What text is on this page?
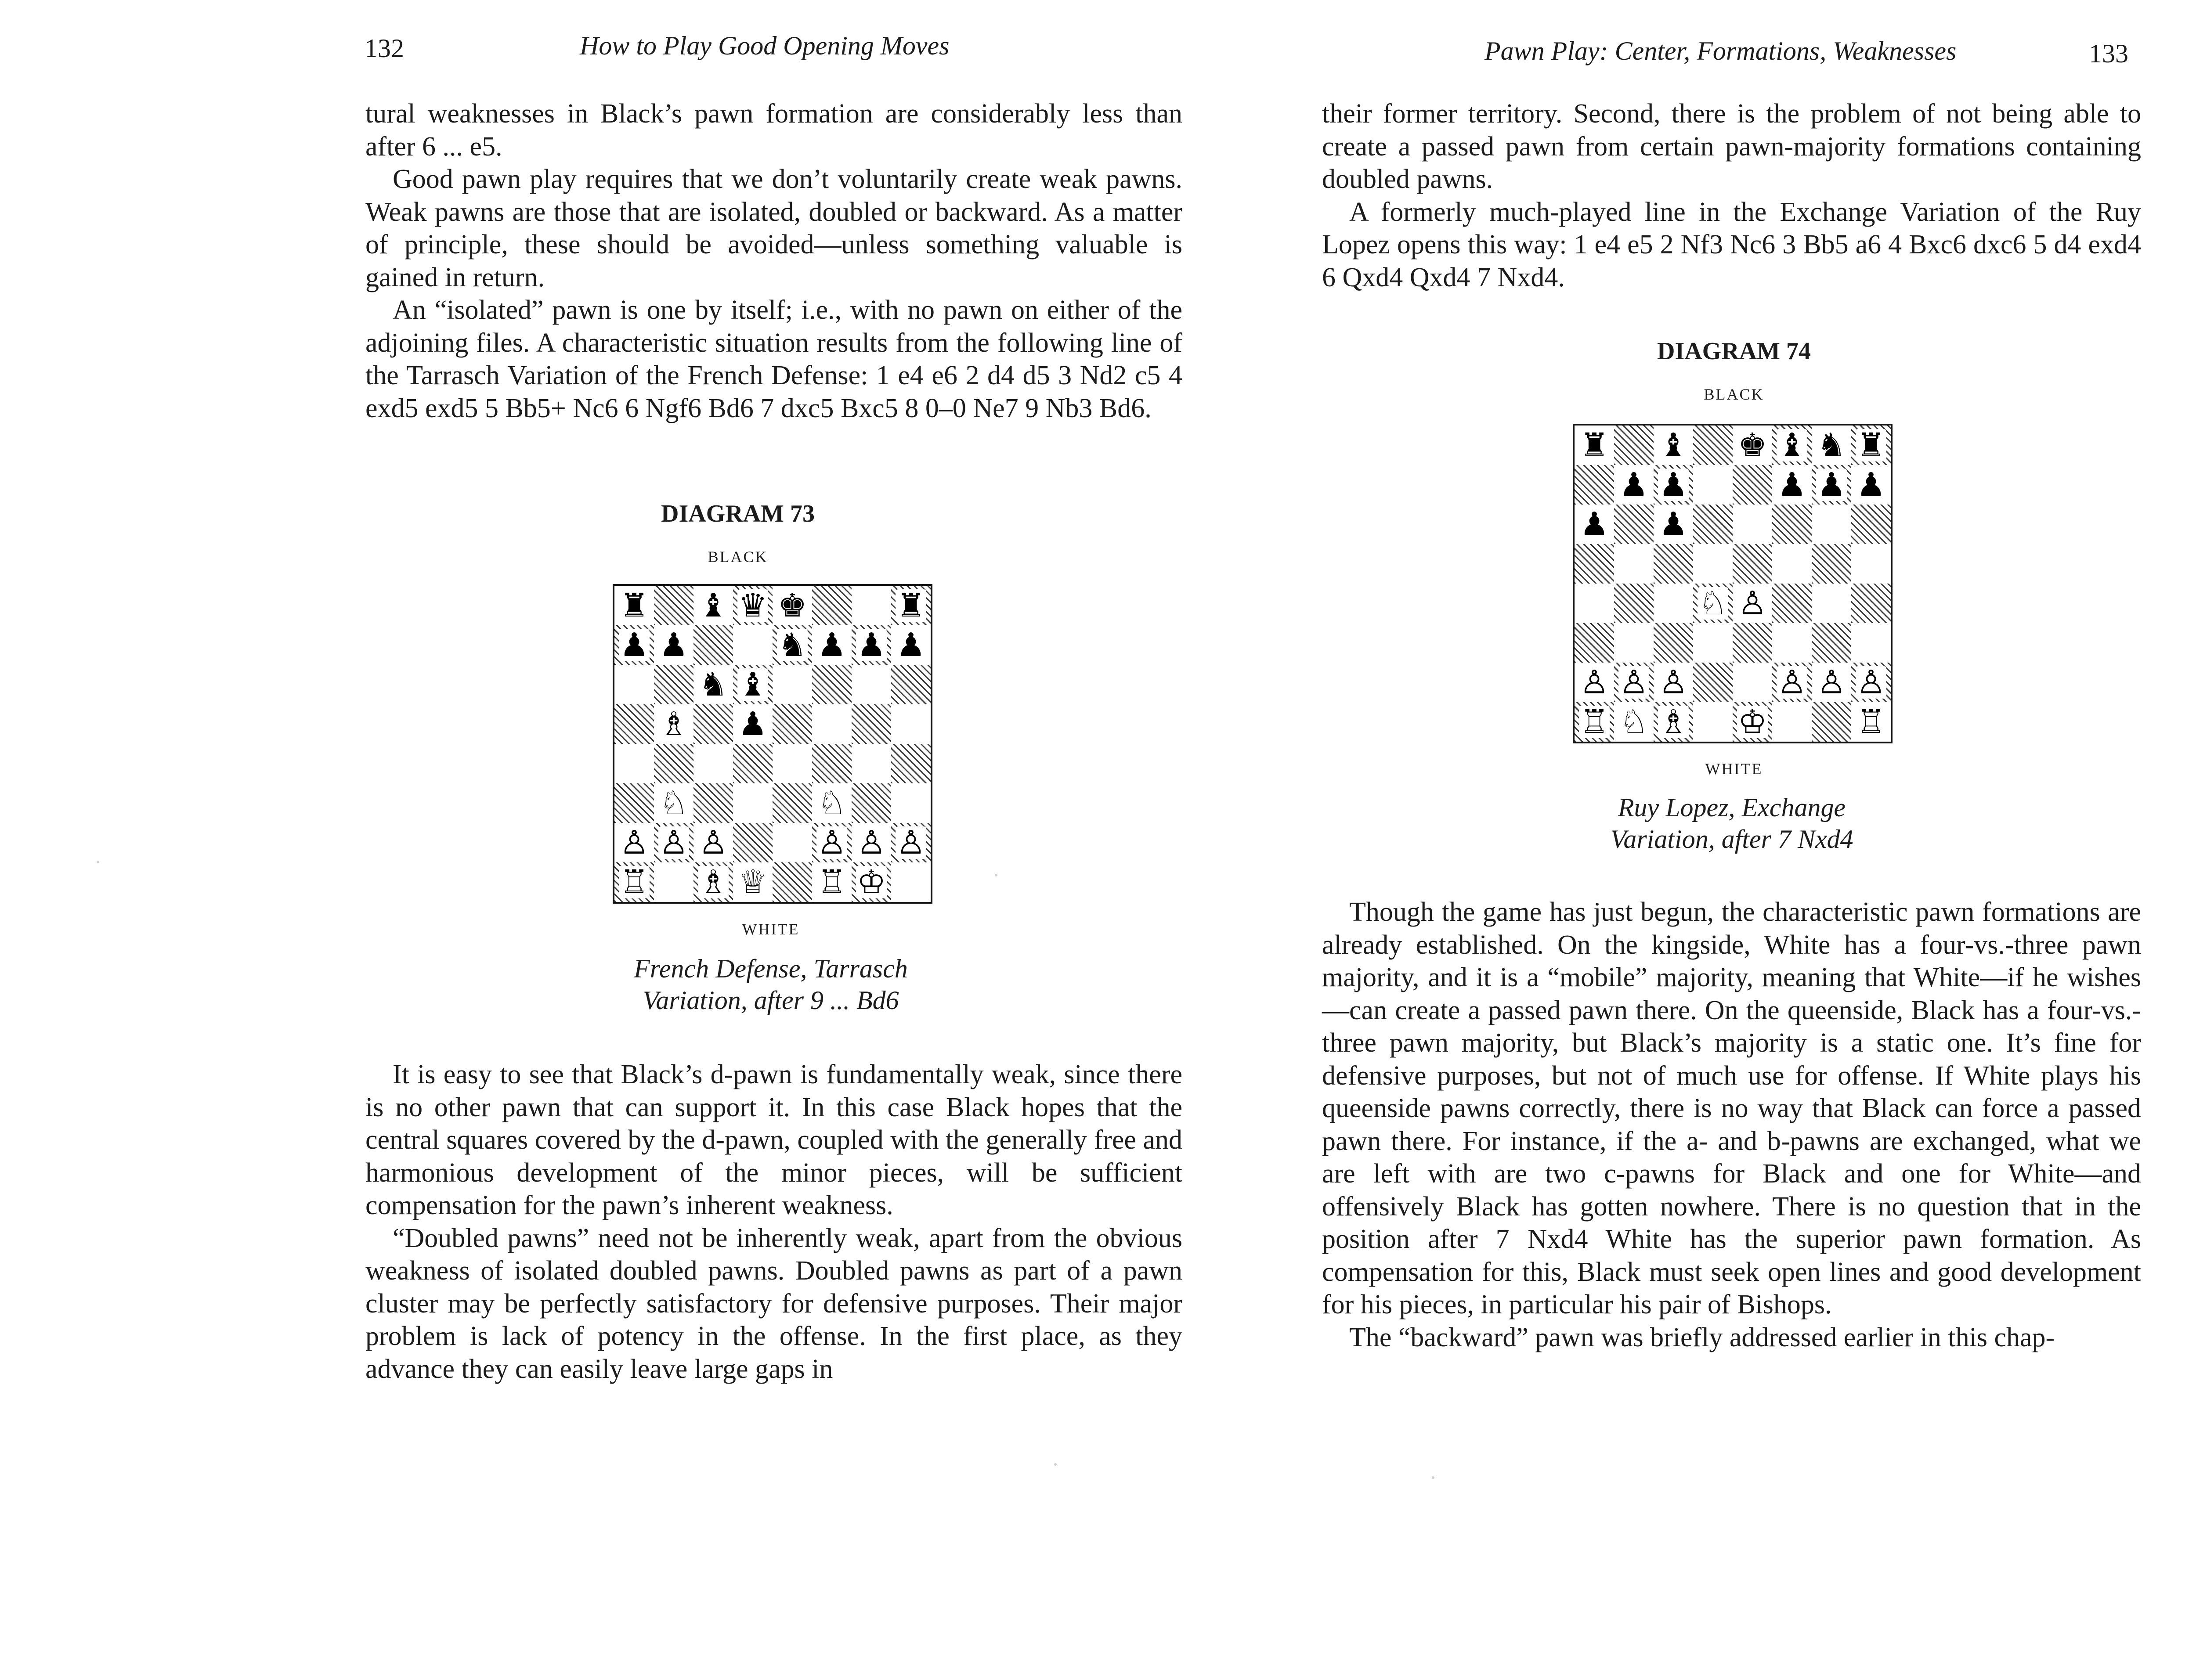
132	How to Play Good Opening Moves

tural weaknesses in Black’s pawn formation are considerably less than after 6 ... e5.

Good pawn play requires that we don’t voluntarily create weak pawns. Weak pawns are those that are isolated, doubled or backward. As a matter of principle, these should be avoided—unless something valuable is gained in return.

An “isolated” pawn is one by itself; i.e., with no pawn on either of the adjoining files. A characteristic situation results from the following line of the Tarrasch Variation of the French Defense: 1 e4 e6 2 d4 d5 3 Nd2 c5 4 exd5 exd5 5 Bb5+ Nc6 6 Ngf6 Bd6 7 dxc5 Bxc5 8 0–0 Ne7 9 Nb3 Bd6.

DIAGRAM 73
BLACK
♜ ♝ ♛ ♚	♜
♟ ♟	♞ ♟ ♟ ♟
♞ ♝
♗ ♟
♘	♘
♙ ♙ ♙	♙ ♙ ♙
♖ ♗ ♕ ♖ ♔
WHITE
French Defense, Tarrasch
Variation, after 9 ... Bd6

It is easy to see that Black’s d-pawn is fundamentally weak, since there is no other pawn that can support it. In this case Black hopes that the central squares covered by the d-pawn, coupled with the generally free and harmonious development of the minor pieces, will be sufficient compensation for the pawn’s inherent weakness.

“Doubled pawns” need not be inherently weak, apart from the obvious weakness of isolated doubled pawns. Doubled pawns as part of a pawn cluster may be perfectly satisfactory for defensive purposes. Their major problem is lack of potency in the offense. In the first place, as they advance they can easily leave large gaps in

Pawn Play: Center, Formations, Weaknesses	133

their former territory. Second, there is the problem of not being able to create a passed pawn from certain pawn-majority formations containing doubled pawns.

A formerly much-played line in the Exchange Variation of the Ruy Lopez opens this way: 1 e4 e5 2 Nf3 Nc6 3 Bb5 a6 4 Bxc6 dxc6 5 d4 exd4 6 Qxd4 Qxd4 7 Nxd4.

DIAGRAM 74
BLACK
♜ ♝ ♚ ♝ ♞ ♜
♟ ♟	♟ ♟ ♟
♟ ♟
♘ ♙
♙ ♙ ♙	♙ ♙ ♙
♖ ♘ ♗ ♔	♖
WHITE
Ruy Lopez, Exchange
Variation, after 7 Nxd4

Though the game has just begun, the characteristic pawn formations are already established. On the kingside, White has a four-vs.-three pawn majority, and it is a “mobile” majority, meaning that White—if he wishes—can create a passed pawn there. On the queenside, Black has a four-vs.-three pawn majority, but Black’s majority is a static one. It’s fine for defensive purposes, but not of much use for offense. If White plays his queenside pawns correctly, there is no way that Black can force a passed pawn there. For instance, if the a- and b-pawns are exchanged, what we are left with are two c-pawns for Black and one for White—and offensively Black has gotten nowhere. There is no question that in the position after 7 Nxd4 White has the superior pawn formation. As compensation for this, Black must seek open lines and good development for his pieces, in particular his pair of Bishops.

The “backward” pawn was briefly addressed earlier in this chap-
